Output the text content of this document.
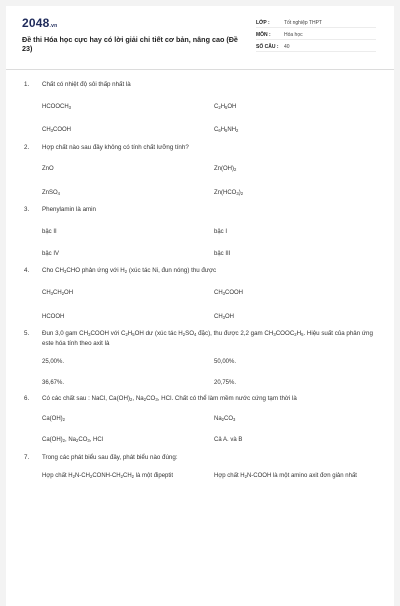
2048.vn
Đề thi Hóa học cực hay có lời giải chi tiết cơ bản, nâng cao (Đề 23)
LỚP :	Tốt nghiệp THPT
MÔN :	Hóa học
SỐ CÂU :	40
1.	Chất có nhiệt độ sôi thấp nhất là
$HCOOCH_3$	$C_2H_5OH$
$CH_3COOH$	$C_6H_5NH_2$
2.	Hợp chất nào sau đây không có tính chất lưỡng tính?
ZnO	$Zn(OH)_2$
ZnSO$_4$	$Zn(HCO_3)_2$
3.	Phenylamin là amin
bậc II	bậc I
bậc IV	bậc III
4.	Cho $CH_3CHO$ phản ứng với $H_2$ (xúc tác Ni, đun nóng) thu được
$CH_3CH_2OH$	$CH_3COOH$
HCOOH	$CH_3OH$
5.	Đun 3,0 gam $CH_3COOH$ với $C_2H_5OH$ dư (xúc tác $H_2SO_4$ đặc), thu được 2,2 gam $CH_3COOC_2H_5$. Hiệu suất của phản ứng este hóa tính theo axit là
25,00%.	50,00%.
36,67%.	20,75%.
6.	Có các chất sau : NaCl, $Ca(OH)_2$, $Na_2CO_3$, HCl. Chất có thể làm mềm nước cứng tạm thời là
$Ca(OH)_2$	$Na_2CO_3$
$Ca(OH)_2$, $Na_2CO_3$, HCl	Cả A. và B
7.	Trong các phát biểu sau đây, phát biểu nào đúng:
Hợp chất $H_2N-CH_2CONH-CH_2CH_2$ là một đipeptit	Hợp chất $H_2N$-COOH là một amino axit đơn giản nhất
